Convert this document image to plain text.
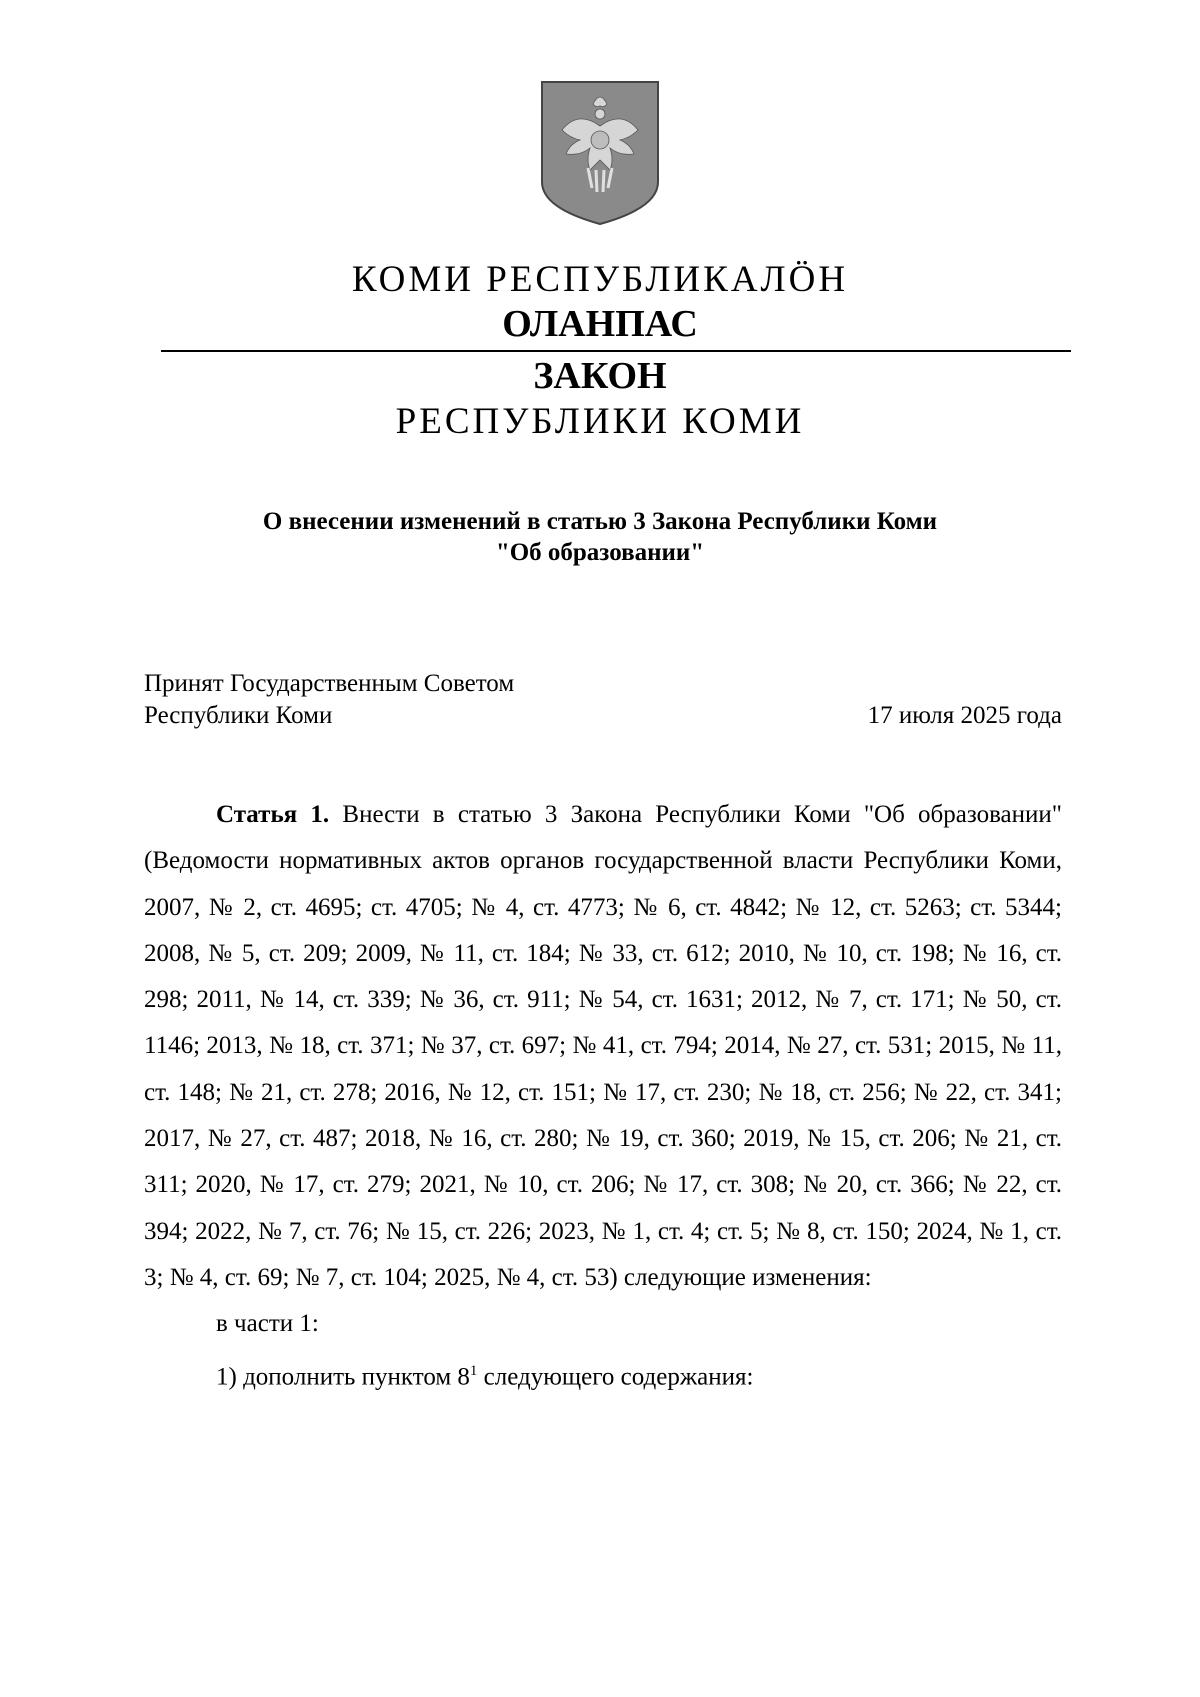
КОМИ РЕСПУБЛИКАЛӦН
ОЛАНПАС
ЗАКОН
РЕСПУБЛИКИ КОМИ
О внесении изменений в статью 3 Закона Республики Коми
"Об образовании"
Принят Государственным Советом
Республики Коми	17 июля 2025 года

Статья 1. Внести в статью 3 Закона Республики Коми "Об образовании" (Ведомости нормативных актов органов государственной власти Республики Коми, 2007, № 2, ст. 4695; ст. 4705; № 4, ст. 4773; № 6, ст. 4842; № 12, ст. 5263; ст. 5344; 2008, № 5, ст. 209; 2009, № 11, ст. 184; № 33, ст. 612; 2010, № 10, ст. 198; № 16, ст. 298; 2011, № 14, ст. 339; № 36, ст. 911; № 54, ст. 1631; 2012, № 7, ст. 171; № 50, ст. 1146; 2013, № 18, ст. 371; № 37, ст. 697; № 41, ст. 794; 2014, № 27, ст. 531; 2015, № 11, ст. 148; № 21, ст. 278; 2016, № 12, ст. 151; № 17, ст. 230; № 18, ст. 256; № 22, ст. 341; 2017, № 27, ст. 487; 2018, № 16, ст. 280; № 19, ст. 360; 2019, № 15, ст. 206; № 21, ст. 311; 2020, № 17, ст. 279; 2021, № 10, ст. 206; № 17, ст. 308; № 20, ст. 366; № 22, ст. 394; 2022, № 7, ст. 76; № 15, ст. 226; 2023, № 1, ст. 4; ст. 5; № 8, ст. 150; 2024, № 1, ст. 3; № 4, ст. 69; № 7, ст. 104; 2025, № 4, ст. 53) следующие изменения:

в части 1:

1) дополнить пунктом $8^1$ следующего содержания:
